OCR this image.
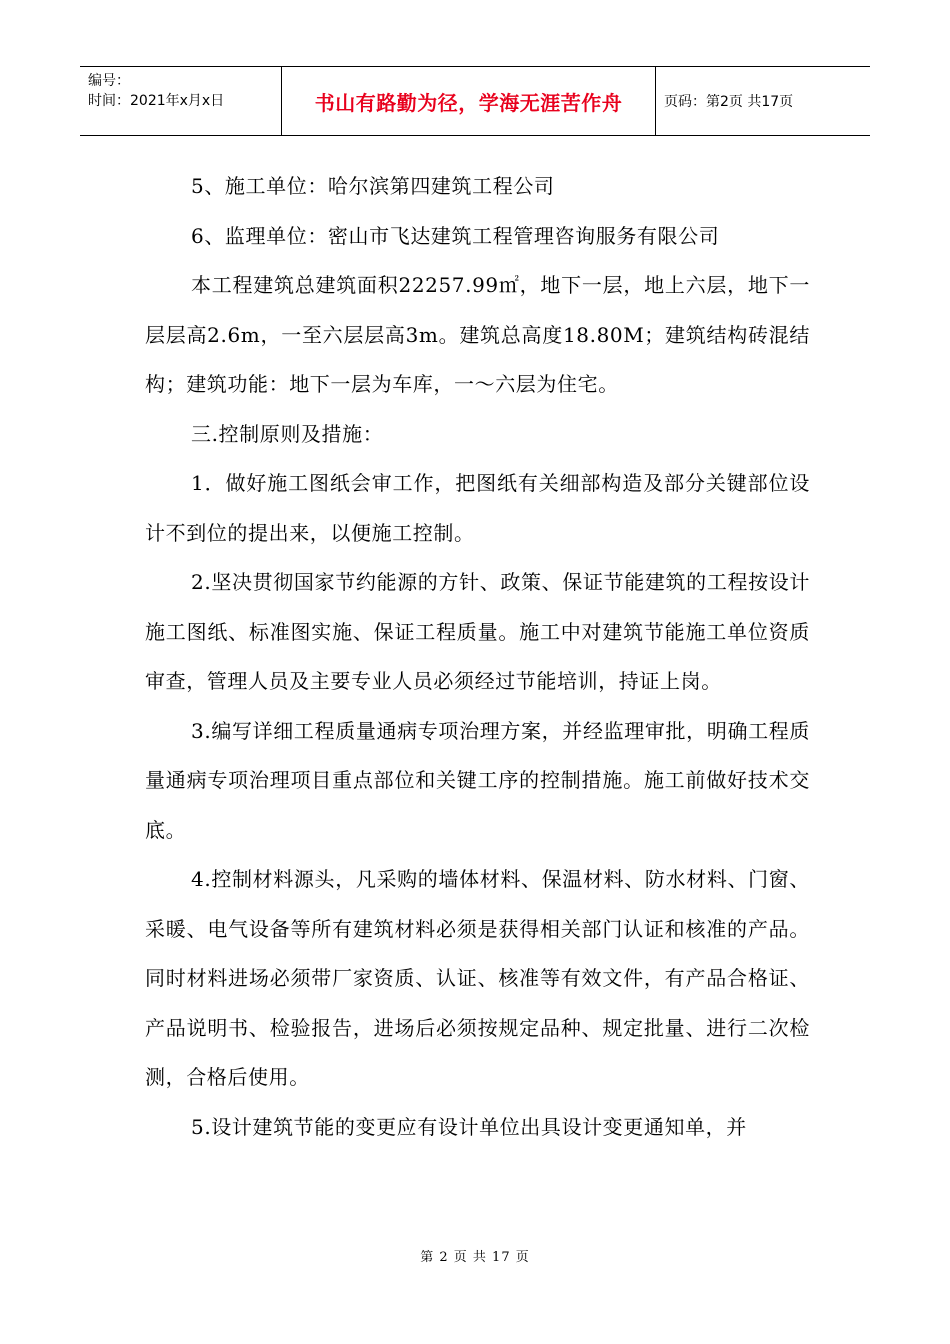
编号：
时间：2021年x月x日	书山有路勤为径，学海无涯苦作舟	页码：第2页 共17页

5、施工单位：哈尔滨第四建筑工程公司

6、监理单位：密山市飞达建筑工程管理咨询服务有限公司

本工程建筑总建筑面积22257.99㎡，地下一层，地上六层，地下一层层高2.6m，一至六层层高3m。建筑总高度18.80M；建筑结构砖混结构；建筑功能：地下一层为车库，一～六层为住宅。

三.控制原则及措施：

1．做好施工图纸会审工作，把图纸有关细部构造及部分关键部位设计不到位的提出来，以便施工控制。

2.坚决贯彻国家节约能源的方针、政策、保证节能建筑的工程按设计施工图纸、标准图实施、保证工程质量。施工中对建筑节能施工单位资质审查，管理人员及主要专业人员必须经过节能培训，持证上岗。

3.编写详细工程质量通病专项治理方案，并经监理审批，明确工程质量通病专项治理项目重点部位和关键工序的控制措施。施工前做好技术交底。

4.控制材料源头，凡采购的墙体材料、保温材料、防水材料、门窗、采暖、电气设备等所有建筑材料必须是获得相关部门认证和核准的产品。同时材料进场必须带厂家资质、认证、核准等有效文件，有产品合格证、产品说明书、检验报告，进场后必须按规定品种、规定批量、进行二次检测，合格后使用。

5.设计建筑节能的变更应有设计单位出具设计变更通知单，并

第 2 页 共 17 页
